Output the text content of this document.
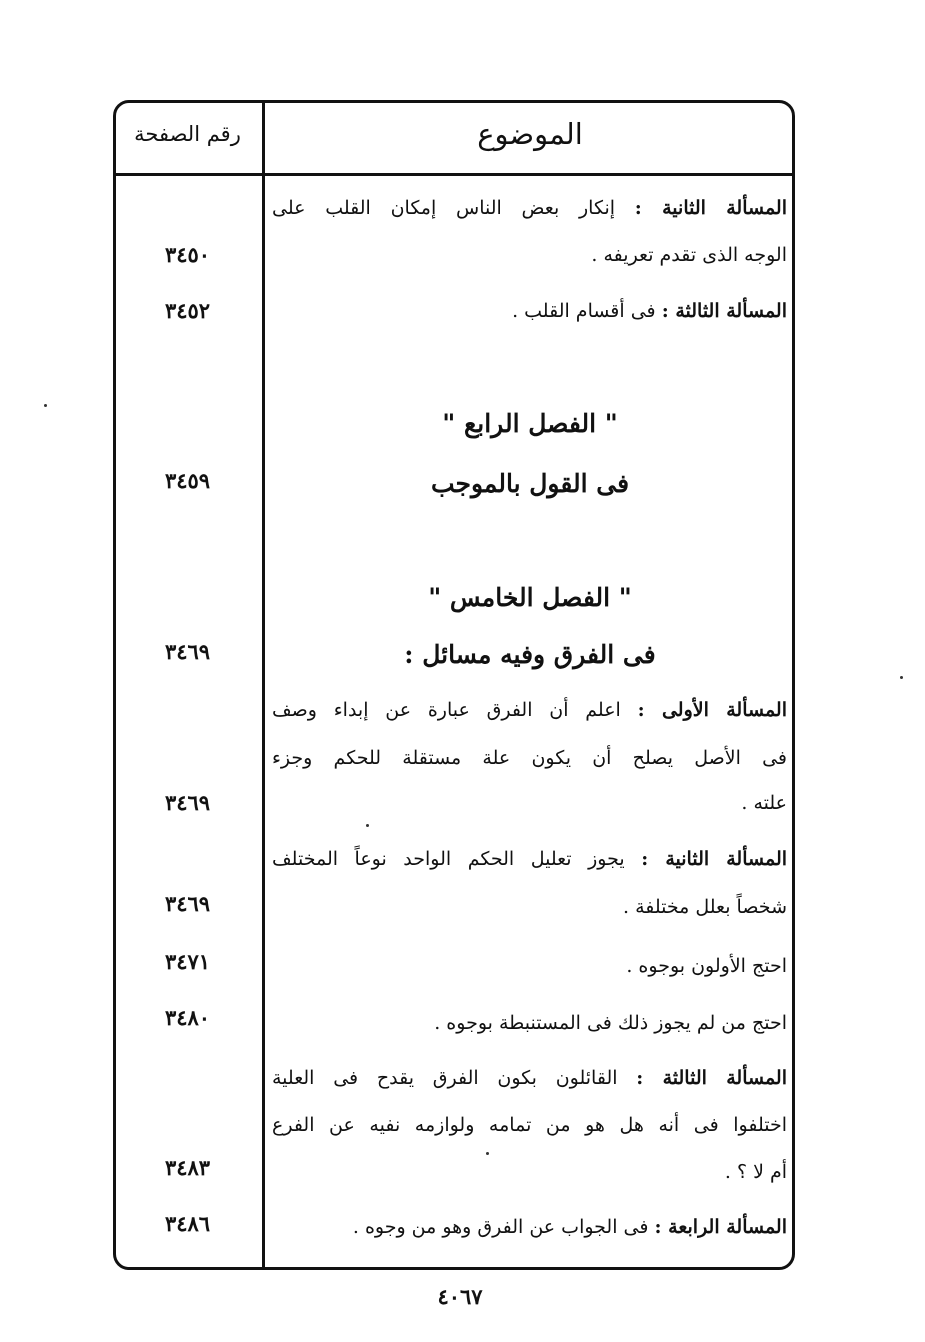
الموضوع
رقم الصفحة
المسألة الثانية : إنكار بعض الناس إمكان القلب على
الوجه الذى تقدم تعريفه .
٣٤٥٠
المسألة الثالثة : فى أقسام القلب .
٣٤٥٢
" الفصل الرابع "
فى القول بالموجب
٣٤٥٩
" الفصل الخامس "
فى الفرق وفيه مسائل :
٣٤٦٩
المسألة الأولى : اعلم أن الفرق عبارة عن إبداء وصف
فى الأصل يصلح أن يكون علة مستقلة للحكم وجزء
علته .
٣٤٦٩
المسألة الثانية : يجوز تعليل الحكم الواحد نوعاً المختلف
شخصاً بعلل مختلفة .
٣٤٦٩
احتج الأولون بوجوه .
٣٤٧١
احتج من لم يجوز ذلك فى المستنبطة بوجوه .
٣٤٨٠
المسألة الثالثة : القائلون بكون الفرق يقدح فى العلية
اختلفوا فى أنه هل هو من تمامه ولوازمه نفيه عن الفرع
أم لا ؟ .
٣٤٨٣
المسألة الرابعة : فى الجواب عن الفرق وهو من وجوه .
٣٤٨٦
٤٠٦٧
